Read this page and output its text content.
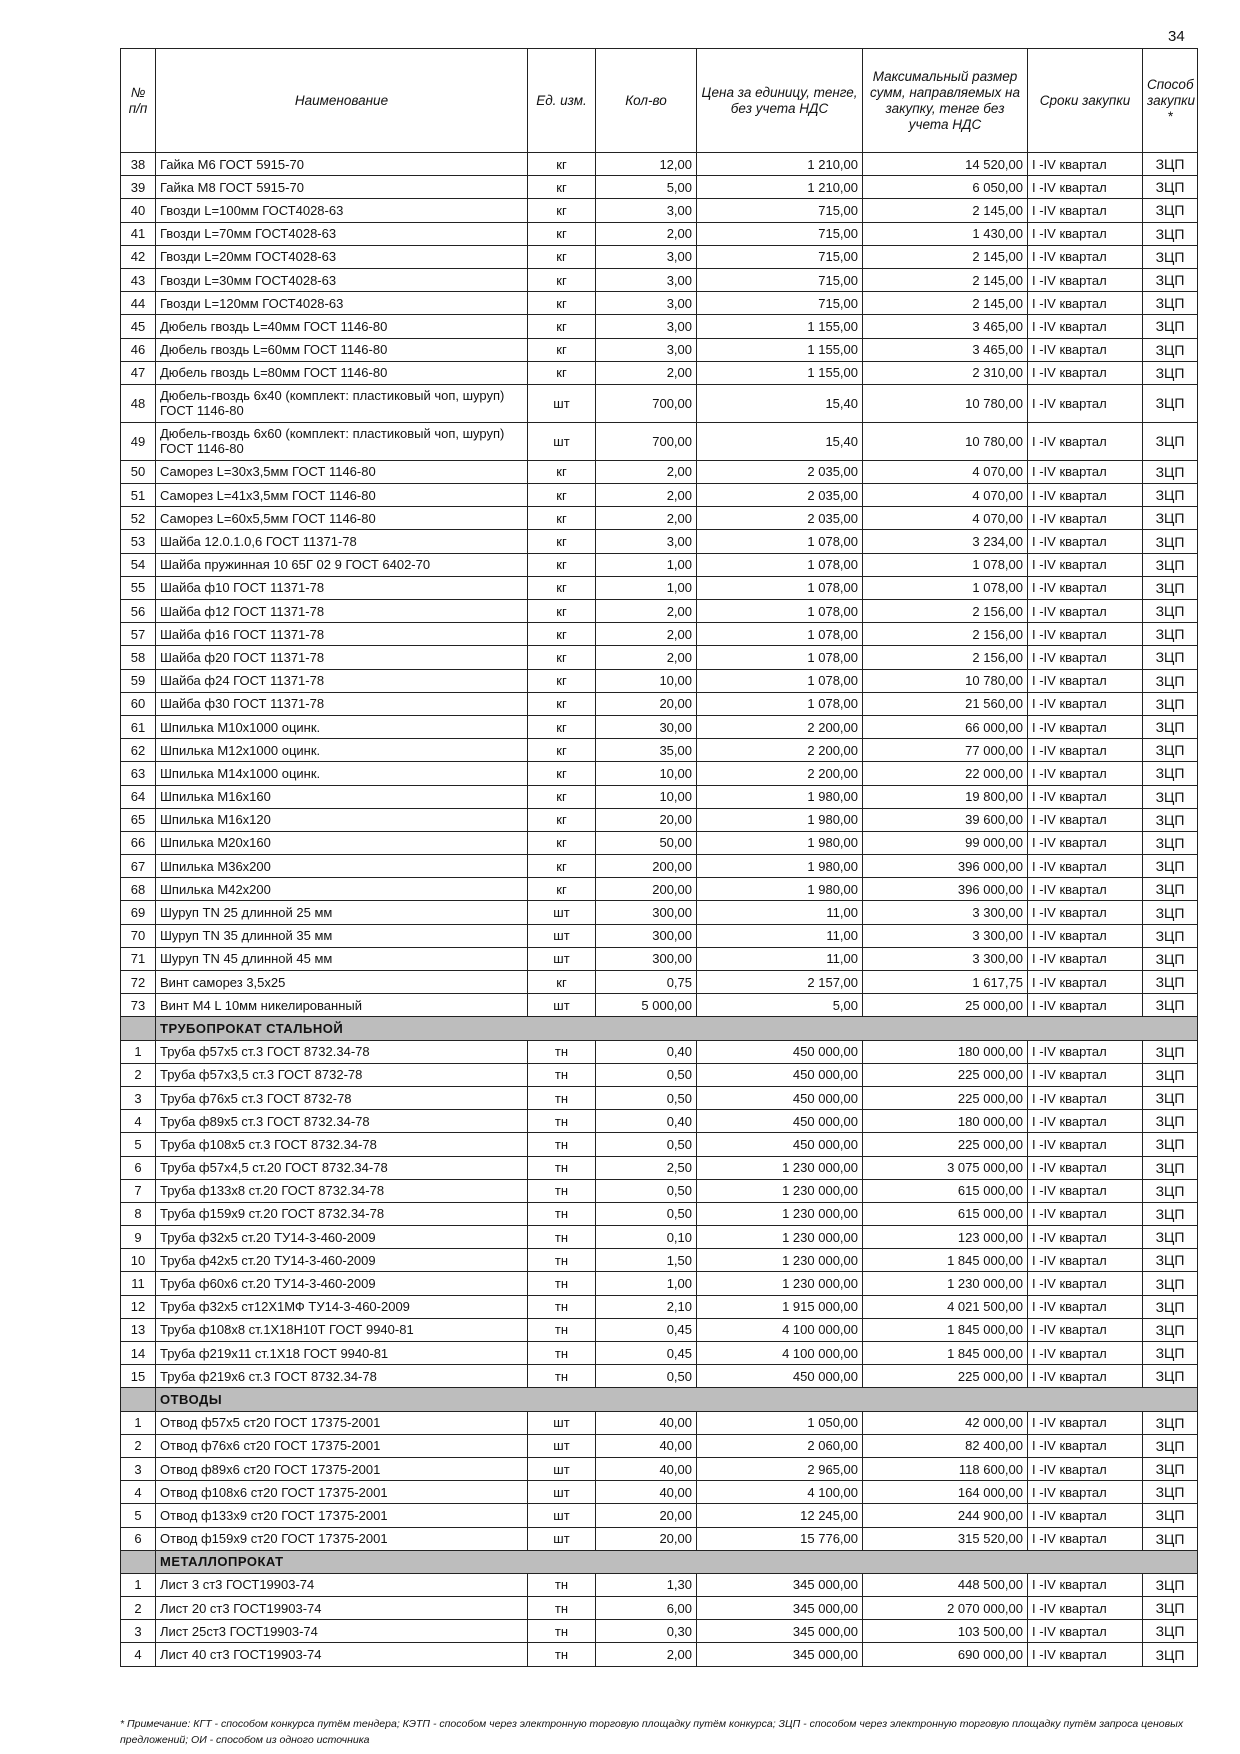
34
№ п/п	Наименование	Ед. изм.	Кол-во	Цена за единицу, тенге, без учета НДС	Максимальный размер сумм, направляемых на закупку, тенге без учета НДС	Сроки закупки	Способ закупки *
38	Гайка М6 ГОСТ 5915-70	кг	12,00	1 210,00	14 520,00	I -IV квартал	ЗЦП
39	Гайка М8 ГОСТ 5915-70	кг	5,00	1 210,00	6 050,00	I -IV квартал	ЗЦП
40	Гвозди L=100мм ГОСТ4028-63	кг	3,00	715,00	2 145,00	I -IV квартал	ЗЦП
41	Гвозди L=70мм ГОСТ4028-63	кг	2,00	715,00	1 430,00	I -IV квартал	ЗЦП
42	Гвозди L=20мм ГОСТ4028-63	кг	3,00	715,00	2 145,00	I -IV квартал	ЗЦП
43	Гвозди L=30мм ГОСТ4028-63	кг	3,00	715,00	2 145,00	I -IV квартал	ЗЦП
44	Гвозди L=120мм ГОСТ4028-63	кг	3,00	715,00	2 145,00	I -IV квартал	ЗЦП
45	Дюбель гвоздь L=40мм ГОСТ 1146-80	кг	3,00	1 155,00	3 465,00	I -IV квартал	ЗЦП
46	Дюбель гвоздь L=60мм ГОСТ 1146-80	кг	3,00	1 155,00	3 465,00	I -IV квартал	ЗЦП
47	Дюбель гвоздь L=80мм ГОСТ 1146-80	кг	2,00	1 155,00	2 310,00	I -IV квартал	ЗЦП
48	Дюбель-гвоздь 6х40 (комплект: пластиковый чоп, шуруп) ГОСТ 1146-80	шт	700,00	15,40	10 780,00	I -IV квартал	ЗЦП
49	Дюбель-гвоздь 6х60 (комплект: пластиковый чоп, шуруп) ГОСТ 1146-80	шт	700,00	15,40	10 780,00	I -IV квартал	ЗЦП
50	Саморез L=30х3,5мм ГОСТ 1146-80	кг	2,00	2 035,00	4 070,00	I -IV квартал	ЗЦП
51	Саморез L=41х3,5мм ГОСТ 1146-80	кг	2,00	2 035,00	4 070,00	I -IV квартал	ЗЦП
52	Саморез L=60х5,5мм ГОСТ 1146-80	кг	2,00	2 035,00	4 070,00	I -IV квартал	ЗЦП
53	Шайба 12.0.1.0,6 ГОСТ 11371-78	кг	3,00	1 078,00	3 234,00	I -IV квартал	ЗЦП
54	Шайба пружинная 10 65Г 02 9 ГОСТ 6402-70	кг	1,00	1 078,00	1 078,00	I -IV квартал	ЗЦП
55	Шайба ф10 ГОСТ 11371-78	кг	1,00	1 078,00	1 078,00	I -IV квартал	ЗЦП
56	Шайба ф12 ГОСТ 11371-78	кг	2,00	1 078,00	2 156,00	I -IV квартал	ЗЦП
57	Шайба ф16 ГОСТ 11371-78	кг	2,00	1 078,00	2 156,00	I -IV квартал	ЗЦП
58	Шайба ф20 ГОСТ 11371-78	кг	2,00	1 078,00	2 156,00	I -IV квартал	ЗЦП
59	Шайба ф24 ГОСТ 11371-78	кг	10,00	1 078,00	10 780,00	I -IV квартал	ЗЦП
60	Шайба ф30 ГОСТ 11371-78	кг	20,00	1 078,00	21 560,00	I -IV квартал	ЗЦП
61	Шпилька М10х1000 оцинк.	кг	30,00	2 200,00	66 000,00	I -IV квартал	ЗЦП
62	Шпилька М12х1000 оцинк.	кг	35,00	2 200,00	77 000,00	I -IV квартал	ЗЦП
63	Шпилька М14х1000 оцинк.	кг	10,00	2 200,00	22 000,00	I -IV квартал	ЗЦП
64	Шпилька М16х160	кг	10,00	1 980,00	19 800,00	I -IV квартал	ЗЦП
65	Шпилька М16х120	кг	20,00	1 980,00	39 600,00	I -IV квартал	ЗЦП
66	Шпилька М20х160	кг	50,00	1 980,00	99 000,00	I -IV квартал	ЗЦП
67	Шпилька М36х200	кг	200,00	1 980,00	396 000,00	I -IV квартал	ЗЦП
68	Шпилька М42х200	кг	200,00	1 980,00	396 000,00	I -IV квартал	ЗЦП
69	Шуруп TN 25 длинной 25 мм	шт	300,00	11,00	3 300,00	I -IV квартал	ЗЦП
70	Шуруп TN 35 длинной 35 мм	шт	300,00	11,00	3 300,00	I -IV квартал	ЗЦП
71	Шуруп TN 45 длинной 45 мм	шт	300,00	11,00	3 300,00	I -IV квартал	ЗЦП
72	Винт саморез 3,5х25	кг	0,75	2 157,00	1 617,75	I -IV квартал	ЗЦП
73	Винт М4 L 10мм никелированный	шт	5 000,00	5,00	25 000,00	I -IV квартал	ЗЦП
	ТРУБОПРОКАТ СТАЛЬНОЙ						
1	Труба ф57х5 ст.3 ГОСТ 8732.34-78	тн	0,40	450 000,00	180 000,00	I -IV квартал	ЗЦП
2	Труба ф57х3,5 ст.3 ГОСТ 8732-78	тн	0,50	450 000,00	225 000,00	I -IV квартал	ЗЦП
3	Труба ф76х5 ст.3 ГОСТ 8732-78	тн	0,50	450 000,00	225 000,00	I -IV квартал	ЗЦП
4	Труба ф89х5 ст.3 ГОСТ 8732.34-78	тн	0,40	450 000,00	180 000,00	I -IV квартал	ЗЦП
5	Труба ф108х5 ст.3 ГОСТ 8732.34-78	тн	0,50	450 000,00	225 000,00	I -IV квартал	ЗЦП
6	Труба ф57х4,5 ст.20 ГОСТ 8732.34-78	тн	2,50	1 230 000,00	3 075 000,00	I -IV квартал	ЗЦП
7	Труба ф133х8 ст.20 ГОСТ 8732.34-78	тн	0,50	1 230 000,00	615 000,00	I -IV квартал	ЗЦП
8	Труба ф159х9 ст.20 ГОСТ 8732.34-78	тн	0,50	1 230 000,00	615 000,00	I -IV квартал	ЗЦП
9	Труба ф32х5 ст.20 ТУ14-3-460-2009	тн	0,10	1 230 000,00	123 000,00	I -IV квартал	ЗЦП
10	Труба ф42х5 ст.20 ТУ14-3-460-2009	тн	1,50	1 230 000,00	1 845 000,00	I -IV квартал	ЗЦП
11	Труба ф60х6 ст.20 ТУ14-3-460-2009	тн	1,00	1 230 000,00	1 230 000,00	I -IV квартал	ЗЦП
12	Труба ф32х5 ст12Х1МФ ТУ14-3-460-2009	тн	2,10	1 915 000,00	4 021 500,00	I -IV квартал	ЗЦП
13	Труба ф108х8 ст.1Х18Н10Т ГОСТ 9940-81	тн	0,45	4 100 000,00	1 845 000,00	I -IV квартал	ЗЦП
14	Труба ф219х11 ст.1Х18 ГОСТ 9940-81	тн	0,45	4 100 000,00	1 845 000,00	I -IV квартал	ЗЦП
15	Труба ф219х6 ст.3 ГОСТ 8732.34-78	тн	0,50	450 000,00	225 000,00	I -IV квартал	ЗЦП
	ОТВОДЫ						
1	Отвод ф57х5 ст20 ГОСТ 17375-2001	шт	40,00	1 050,00	42 000,00	I -IV квартал	ЗЦП
2	Отвод ф76х6 ст20 ГОСТ 17375-2001	шт	40,00	2 060,00	82 400,00	I -IV квартал	ЗЦП
3	Отвод ф89х6 ст20 ГОСТ 17375-2001	шт	40,00	2 965,00	118 600,00	I -IV квартал	ЗЦП
4	Отвод ф108х6 ст20 ГОСТ 17375-2001	шт	40,00	4 100,00	164 000,00	I -IV квартал	ЗЦП
5	Отвод ф133х9 ст20 ГОСТ 17375-2001	шт	20,00	12 245,00	244 900,00	I -IV квартал	ЗЦП
6	Отвод ф159х9 ст20 ГОСТ 17375-2001	шт	20,00	15 776,00	315 520,00	I -IV квартал	ЗЦП
	МЕТАЛЛОПРОКАТ						
1	Лист 3 ст3 ГОСТ19903-74	тн	1,30	345 000,00	448 500,00	I -IV квартал	ЗЦП
2	Лист 20 ст3 ГОСТ19903-74	тн	6,00	345 000,00	2 070 000,00	I -IV квартал	ЗЦП
3	Лист 25ст3 ГОСТ19903-74	тн	0,30	345 000,00	103 500,00	I -IV квартал	ЗЦП
4	Лист 40 ст3 ГОСТ19903-74	тн	2,00	345 000,00	690 000,00	I -IV квартал	ЗЦП
* Примечание: КГТ - способом конкурса путём тендера; КЭТП - способом через электронную торговую площадку путём конкурса; ЗЦП - способом через электронную торговую площадку путём запроса ценовых предложений; ОИ - способом из одного источника
